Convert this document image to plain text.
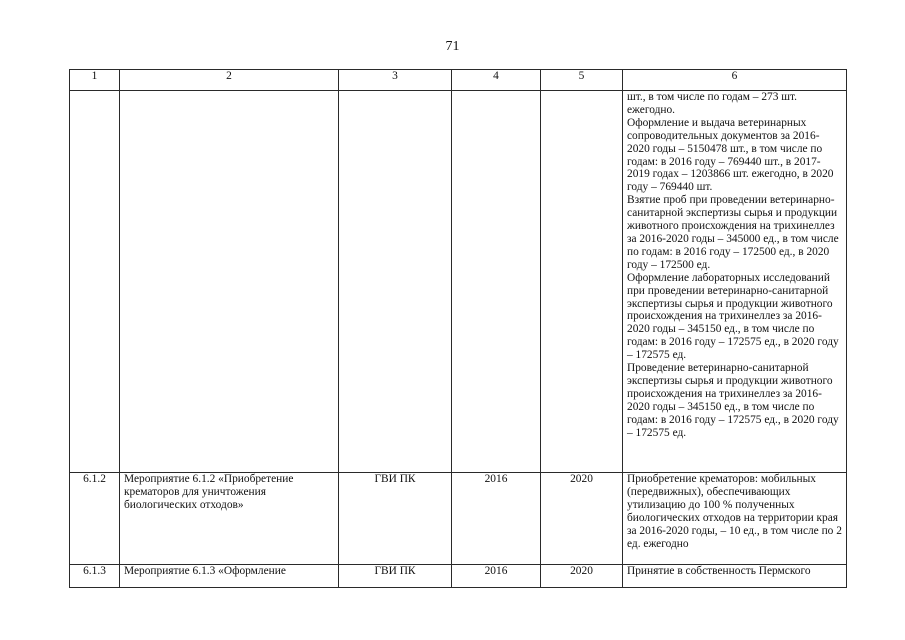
71
1	2	3	4	5	6

					шт., в том числе по годам – 273 шт. ежегодно.

Оформление и выдача ветеринарных сопроводительных документов за 2016-2020 годы – 5150478 шт., в том числе по годам: в 2016 году – 769440 шт., в 2017-2019 годах – 1203866 шт. ежегодно, в 2020 году – 769440 шт.

Взятие проб при проведении ветеринарно-санитарной экспертизы сырья и продукции животного происхождения на трихинеллез за 2016-2020 годы – 345000 ед., в том числе по годам: в 2016 году – 172500 ед., в 2020 году – 172500 ед.

Оформление лабораторных исследований при проведении ветеринарно-санитарной экспертизы сырья и продукции животного происхождения на трихинеллез за 2016-2020 годы – 345150 ед., в том числе по годам: в 2016 году – 172575 ед., в 2020 году – 172575 ед.

Проведение ветеринарно-санитарной экспертизы сырья и продукции животного происхождения на трихинеллез за 2016-2020 годы – 345150 ед., в том числе по годам: в 2016 году – 172575 ед., в 2020 году – 172575 ед.

6.1.2	Мероприятие 6.1.2 «Приобретение крематоров для уничтожения биологических отходов»	ГВИ ПК	2016	2020	Приобретение крематоров: мобильных (передвижных), обеспечивающих утилизацию до 100 % полученных биологических отходов на территории края за 2016-2020 годы, – 10 ед., в том числе по 2 ед. ежегодно
6.1.3	Мероприятие 6.1.3 «Оформление	ГВИ ПК	2016	2020	Принятие в собственность Пермского
